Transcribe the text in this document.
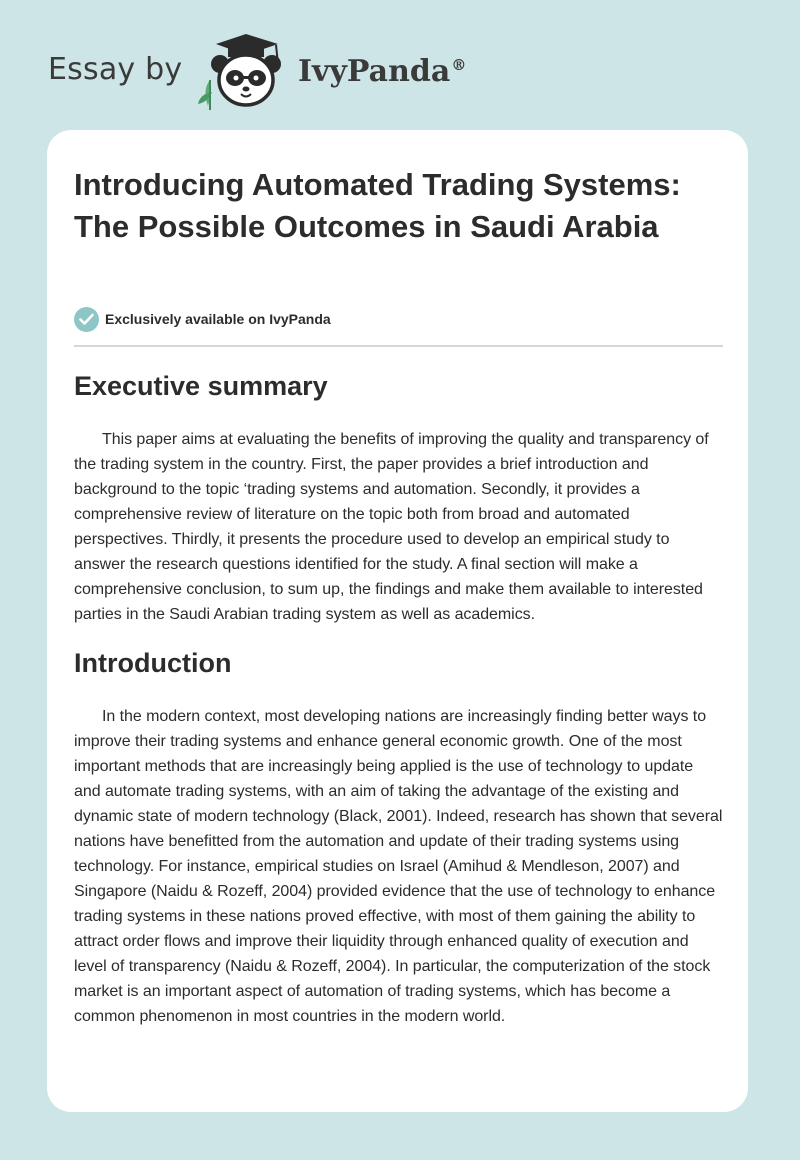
Essay by	IvyPanda®
Introducing Automated Trading Systems: The Possible Outcomes in Saudi Arabia
Exclusively available on IvyPanda
Executive summary

This paper aims at evaluating the benefits of improving the quality and transparency of the trading system in the country. First, the paper provides a brief introduction and background to the topic ‘trading systems and automation. Secondly, it provides a comprehensive review of literature on the topic both from broad and automated perspectives. Thirdly, it presents the procedure used to develop an empirical study to answer the research questions identified for the study. A final section will make a comprehensive conclusion, to sum up, the findings and make them available to interested parties in the Saudi Arabian trading system as well as academics.

Introduction

In the modern context, most developing nations are increasingly finding better ways to improve their trading systems and enhance general economic growth. One of the most important methods that are increasingly being applied is the use of technology to update and automate trading systems, with an aim of taking the advantage of the existing and dynamic state of modern technology (Black, 2001). Indeed, research has shown that several nations have benefitted from the automation and update of their trading systems using technology. For instance, empirical studies on Israel (Amihud & Mendleson, 2007) and Singapore (Naidu & Rozeff, 2004) provided evidence that the use of technology to enhance trading systems in these nations proved effective, with most of them gaining the ability to attract order flows and improve their liquidity through enhanced quality of execution and level of transparency (Naidu & Rozeff, 2004). In particular, the computerization of the stock market is an important aspect of automation of trading systems, which has become a common phenomenon in most countries in the modern world.
